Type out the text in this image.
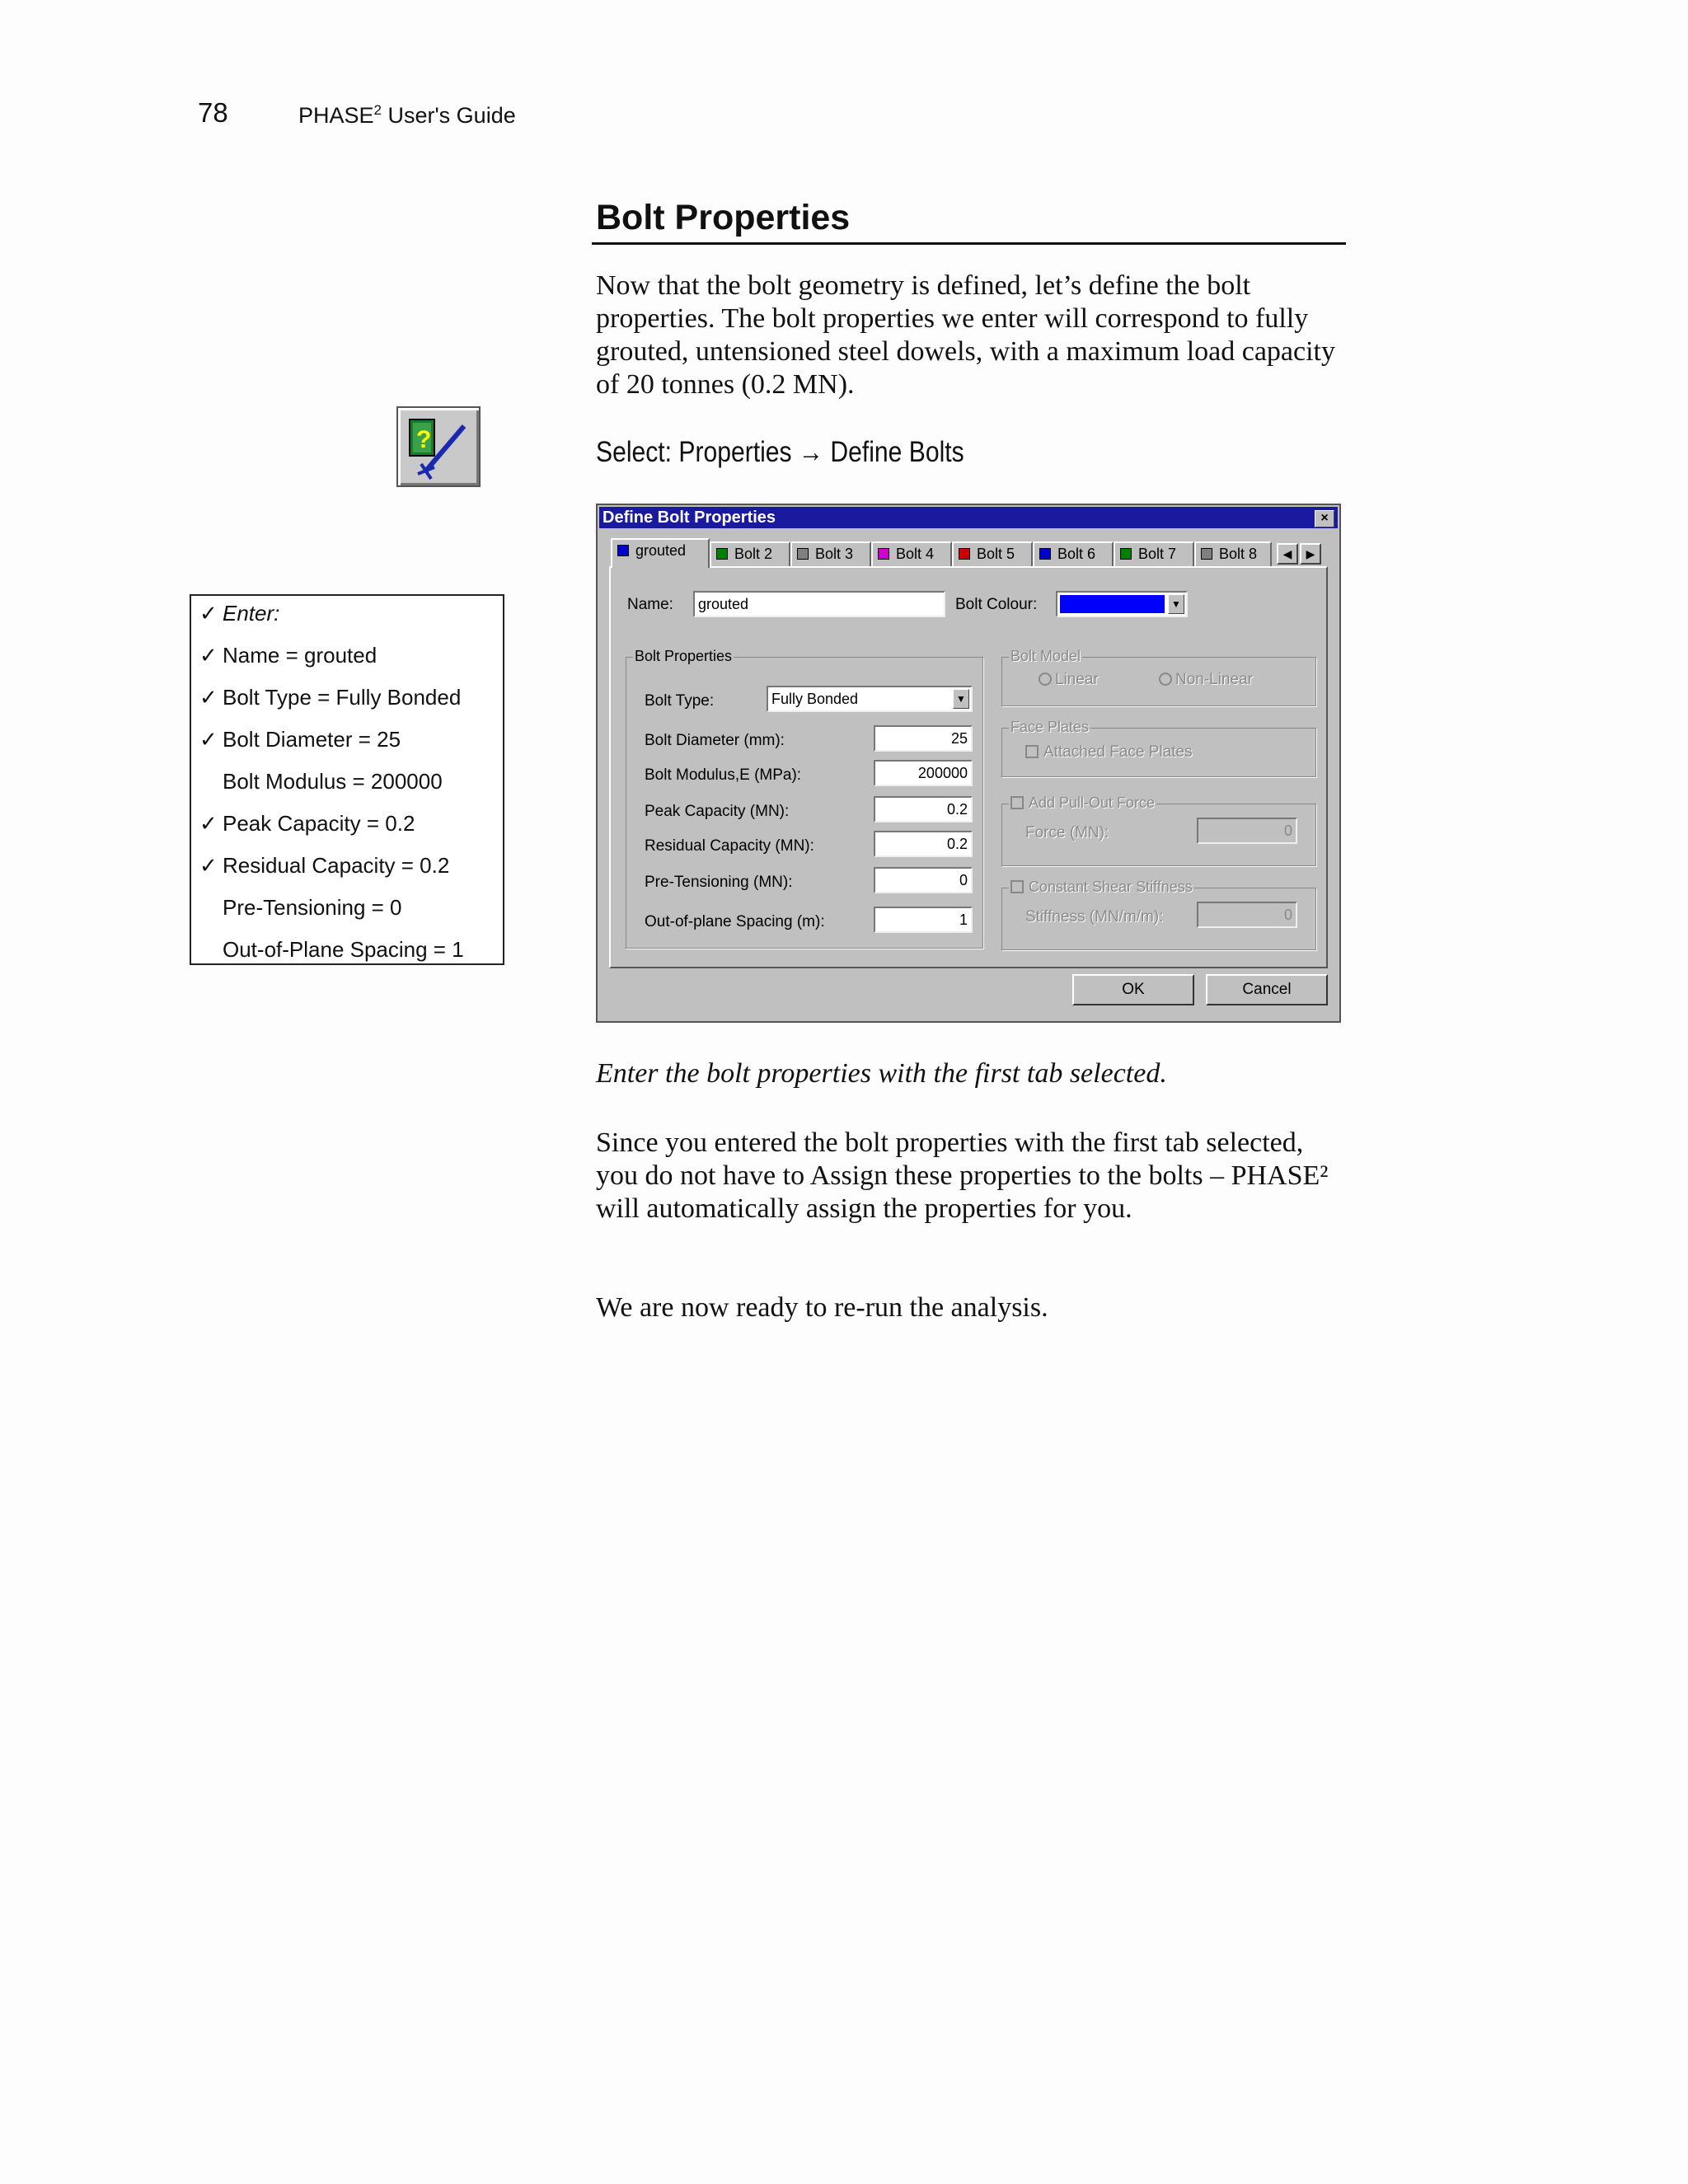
78	PHASE$^2$ User's Guide
Bolt Properties
Now that the bolt geometry is defined, let’s define the bolt properties. The bolt properties we enter will correspond to fully grouted, untensioned steel dowels, with a maximum load capacity of 20 tonnes (0.2 MN).
Select: Properties → Define Bolts
?
✓ Enter:
✓ Name = grouted
✓ Bolt Type = Fully Bonded
✓ Bolt Diameter = 25
Bolt Modulus = 200000
✓ Peak Capacity = 0.2
✓ Residual Capacity = 0.2
Pre-Tensioning = 0
Out-of-Plane Spacing = 1
Define Bolt Properties	×
grouted	Bolt 2	Bolt 3	Bolt 4	Bolt 5	Bolt 6	Bolt 7	Bolt 8	◀	▶
Name:	grouted	Bolt Colour:	▼
Bolt Properties
Bolt Type:	Fully Bonded	▼
Bolt Diameter (mm):	25
Bolt Modulus,E (MPa):	200000
Peak Capacity (MN):	0.2
Residual Capacity (MN):	0.2
Pre-Tensioning (MN):	0
Out-of-plane Spacing (m):	1
Bolt Model
Linear	Non-Linear
Face Plates
Attached Face Plates
Add Pull-Out Force
Force (MN):	0
Constant Shear Stiffness
Stiffness (MN/m/m):	0
OK	Cancel
Enter the bolt properties with the first tab selected.
Since you entered the bolt properties with the first tab selected, you do not have to Assign these properties to the bolts – PHASE² will automatically assign the properties for you.
We are now ready to re-run the analysis.
